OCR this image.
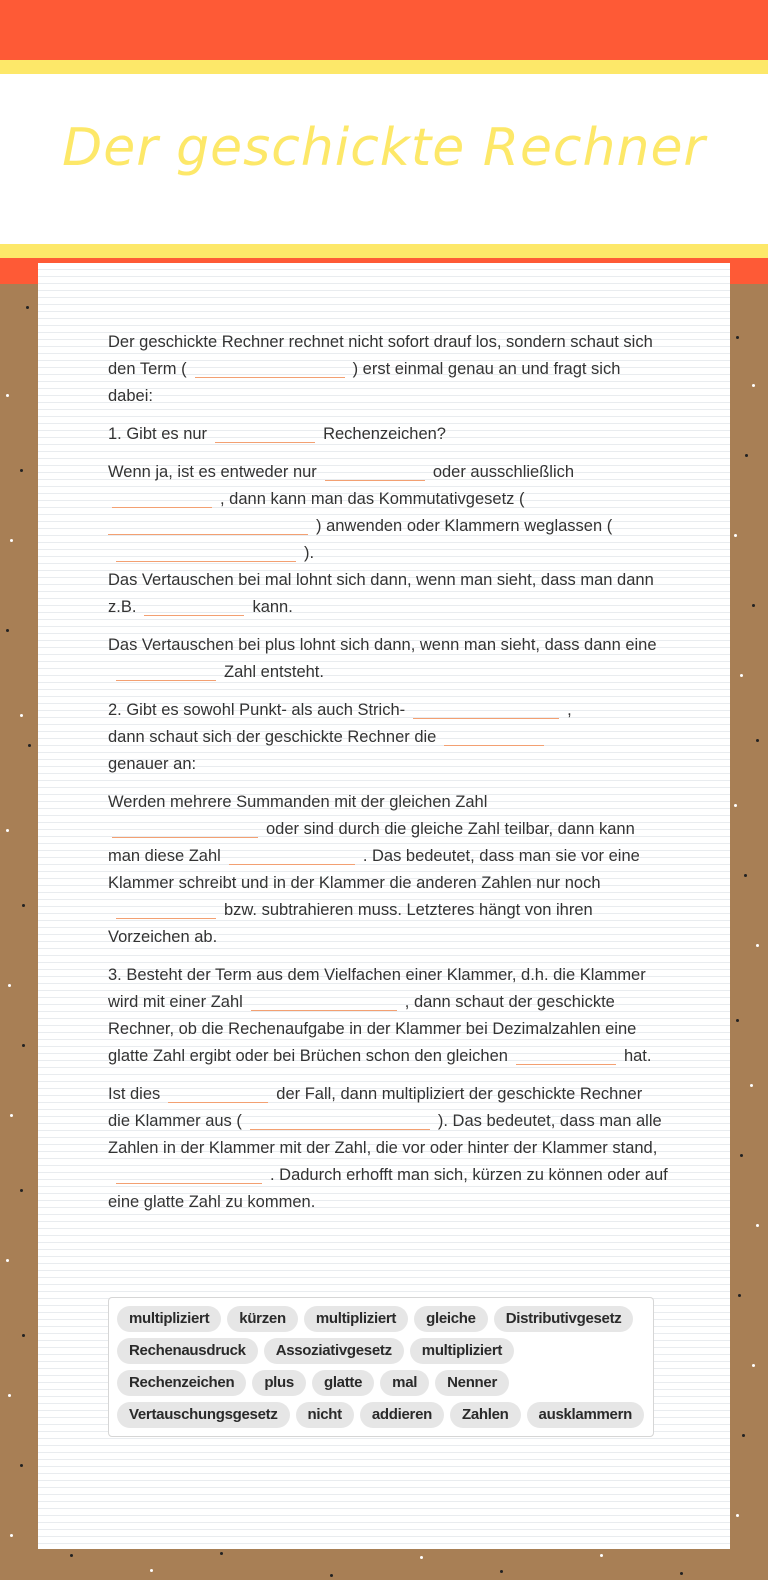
Der geschickte Rechner

Der geschickte Rechner rechnet nicht sofort drauf los, sondern schaut sich den Term (	) erst einmal genau an und fragt sich dabei:

1. Gibt es nur	Rechenzeichen?

Wenn ja, ist es entweder nur	oder ausschließlich
, dann kann man das Kommutativgesetz (
) anwenden oder Klammern weglassen ().
Das Vertauschen bei mal lohnt sich dann, wenn man sieht, dass man dann z.B.	kann.

Das Vertauschen bei plus lohnt sich dann, wenn man sieht, dass dann eineZahl entsteht.

2. Gibt es sowohl Punkt- als auch Strich-	,
dann schaut sich der geschickte Rechner die
genauer an:

Werden mehrere Summanden mit der gleichen Zahl
oder sind durch die gleiche Zahl teilbar, dann kann man diese Zahl	. Das bedeutet, dass man sie vor eine Klammer schreibt und in der Klammer die anderen Zahlen nur nochbzw. subtrahieren muss. Letzteres hängt von ihren Vorzeichen ab.

3. Besteht der Term aus dem Vielfachen einer Klammer, d.h. die Klammer wird mit einer Zahl	, dann schaut der geschickte Rechner, ob die Rechenaufgabe in der Klammer bei Dezimalzahlen eine glatte Zahl ergibt oder bei Brüchen schon den gleichen	hat.

Ist dies	der Fall, dann multipliziert der geschickte Rechner die Klammer aus (	). Das bedeutet, dass man alle Zahlen in der Klammer mit der Zahl, die vor oder hinter der Klammer stand,. Dadurch erhofft man sich, kürzen zu können oder auf eine glatte Zahl zu kommen.

multipliziert	kürzen	multipliziert	gleiche	Distributivgesetz
Rechenausdruck	Assoziativgesetz	multipliziert
Rechenzeichen	plus	glatte	mal	Nenner
Vertauschungsgesetz	nicht	addieren	Zahlen	ausklammern
